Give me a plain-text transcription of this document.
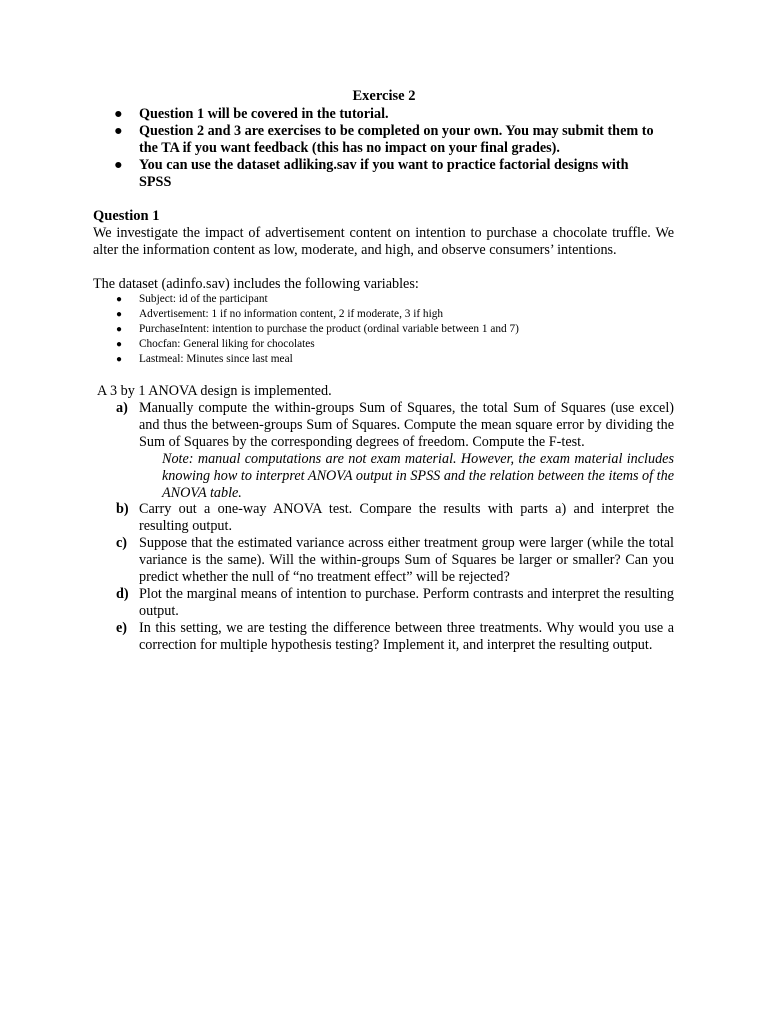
Exercise 2
● Question 1 will be covered in the tutorial.
● Question 2 and 3 are exercises to be completed on your own. You may submit them to the TA if you want feedback (this has no impact on your final grades).
● You can use the dataset adliking.sav if you want to practice factorial designs with SPSS
Question 1
We investigate the impact of advertisement content on intention to purchase a chocolate truffle. We alter the information content as low, moderate, and high, and observe consumers’ intentions.
The dataset (adinfo.sav) includes the following variables:
● Subject: id of the participant
● Advertisement: 1 if no information content, 2 if moderate, 3 if high
● PurchaseIntent: intention to purchase the product (ordinal variable between 1 and 7)
● Chocfan: General liking for chocolates
● Lastmeal: Minutes since last meal
A 3 by 1 ANOVA design is implemented.
a) Manually compute the within-groups Sum of Squares, the total Sum of Squares (use excel) and thus the between-groups Sum of Squares. Compute the mean square error by dividing the Sum of Squares by the corresponding degrees of freedom. Compute the F-test.
Note: manual computations are not exam material. However, the exam material includes knowing how to interpret ANOVA output in SPSS and the relation between the items of the ANOVA table.
b) Carry out a one-way ANOVA test. Compare the results with parts a) and interpret the resulting output.
c) Suppose that the estimated variance across either treatment group were larger (while the total variance is the same). Will the within-groups Sum of Squares be larger or smaller? Can you predict whether the null of “no treatment effect” will be rejected?
d) Plot the marginal means of intention to purchase. Perform contrasts and interpret the resulting output.
e) In this setting, we are testing the difference between three treatments. Why would you use a correction for multiple hypothesis testing? Implement it, and interpret the resulting output.
